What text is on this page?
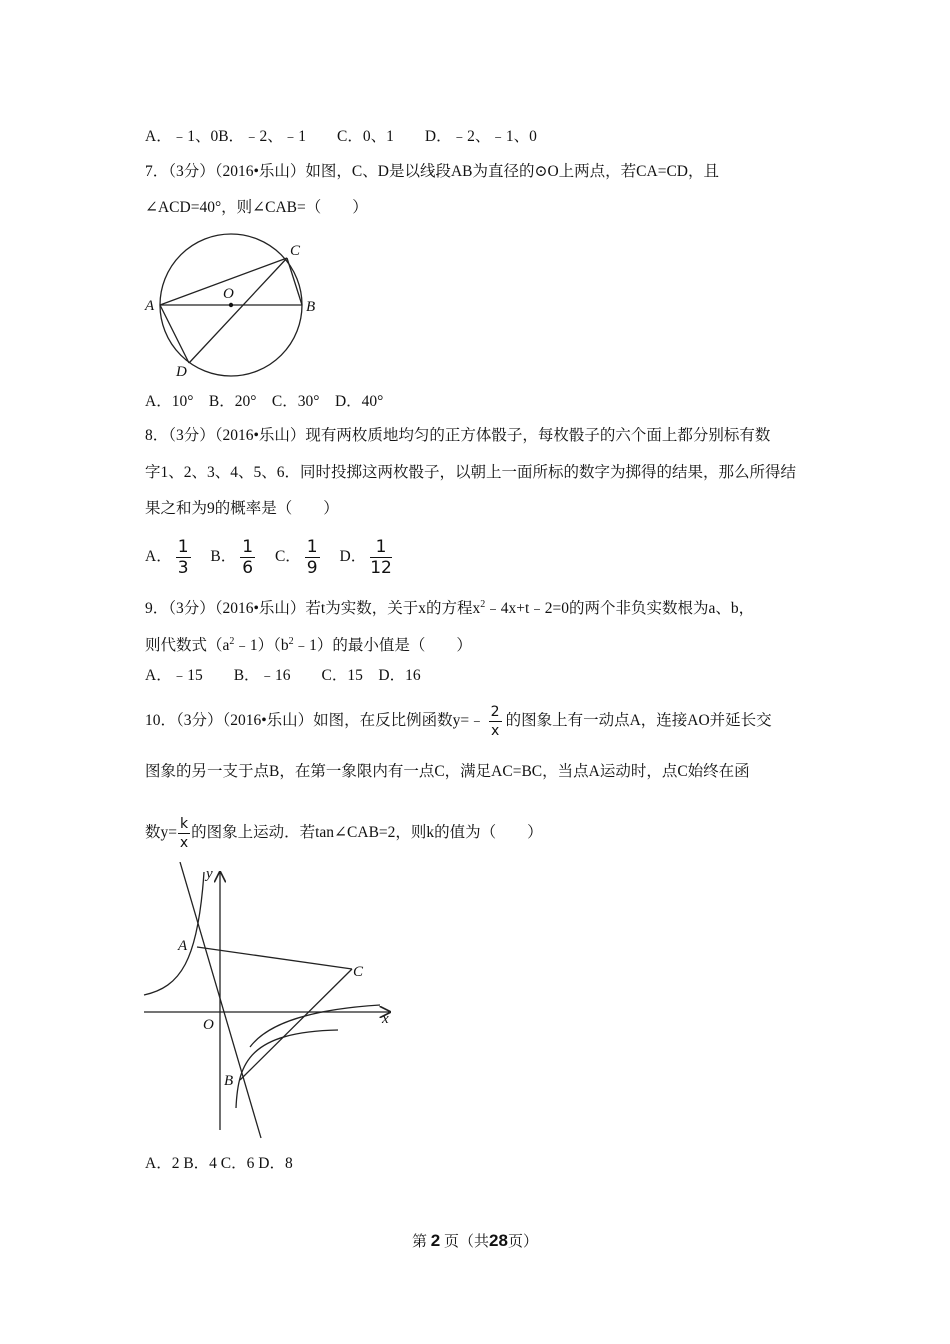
A．﹣1、0B．﹣2、﹣1　　C．0、1　　D．﹣2、﹣1、0
7．（3分）（2016•乐山）如图，C、D是以线段AB为直径的⊙O上两点，若CA=CD，且
∠ACD=40°，则∠CAB=（　　）
A	B
C
D
O
A．10°　B．20°　C．30°　D．40°
8．（3分）（2016•乐山）现有两枚质地均匀的正方体骰子，每枚骰子的六个面上都分别标有数
字1、2、3、4、5、6．同时投掷这两枚骰子，以朝上一面所标的数字为掷得的结果，那么所得结
果之和为9的概率是（　　）
A． $\frac{1}{3}$ B． $\frac{1}{6}$ C． $\frac{1}{9}$ D． $\frac{1}{12}$
9．（3分）（2016•乐山）若t为实数，关于x的方程$x^2﹣4x+t﹣2=0$的两个非负实数根为a、b，
则代数式$(a^2﹣1)(b^2﹣1)$的最小值是（　　）
A．﹣15　　B．﹣16　　C．15　D．16
10．（3分）（2016•乐山）如图，在反比例函数y=﹣ $\frac{2}{x}$ 的图象上有一动点A，连接AO并延长交
图象的另一支于点B，在第一象限内有一点C，满足AC=BC，当点A运动时，点C始终在函
数$y= \frac{k}{x}$ 的图象上运动．若tan∠CAB=2，则k的值为（　　）
y
x
A
B
C
O
A．2 B．4 C．6 D．8
第 2 页（共28页）
